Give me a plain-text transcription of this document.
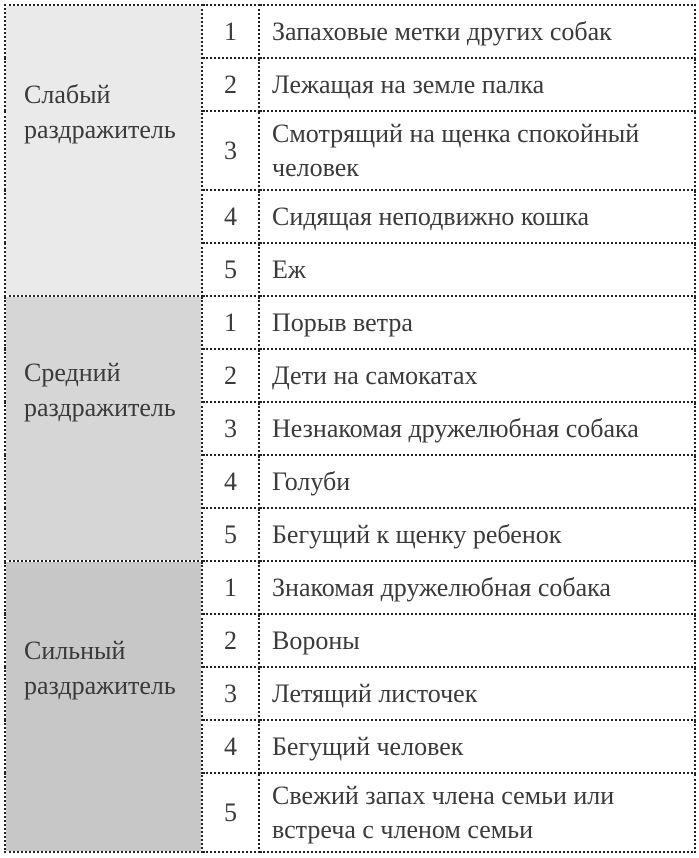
Слабый раздражитель	1	Запаховые метки других собак
	2	Лежащая на земле палка
	3	Смотрящий на щенка спокойный человек
	4	Сидящая неподвижно кошка
	5	Еж

Средний раздражитель	1	Порыв ветра
	2	Дети на самокатах
	3	Незнакомая дружелюбная собака
	4	Голуби
	5	Бегущий к щенку ребенок

Сильный раздражитель	1	Знакомая дружелюбная собака
	2	Вороны
	3	Летящий листочек
	4	Бегущий человек
	5	Свежий запах члена семьи или встреча с членом семьи
